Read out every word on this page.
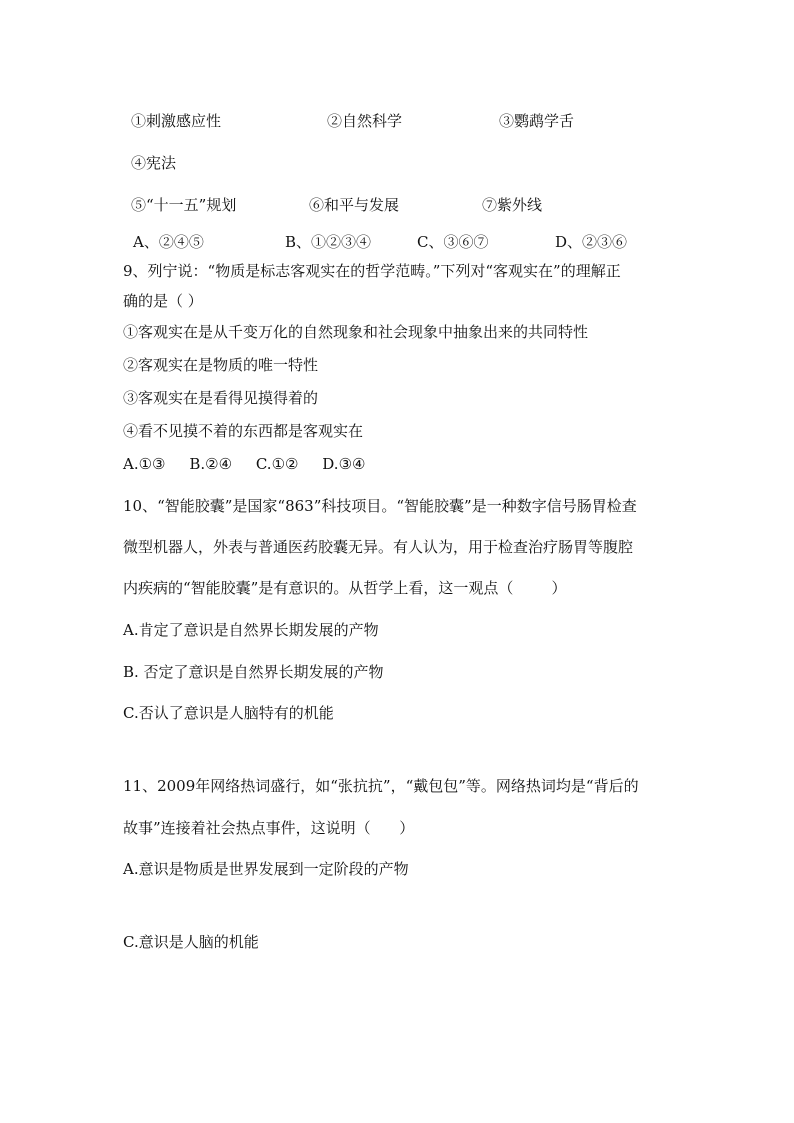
①刺激感应性	②自然科学	③鹦鹉学舌
④宪法
⑤“十一五”规划	⑥和平与发展	⑦紫外线
A、②④⑤	B、①②③④	C、③⑥⑦	D、②③⑥
9、列宁说：“物质是标志客观实在的哲学范畴。”下列对“客观实在”的理解正
确的是（ ）
①客观实在是从千变万化的自然现象和社会现象中抽象出来的共同特性
②客观实在是物质的唯一特性
③客观实在是看得见摸得着的
④看不见摸不着的东西都是客观实在
A.①③     B.②④     C.①②     D.③④
10、“智能胶囊”是国家“863”科技项目。“智能胶囊”是一种数字信号肠胃检查
微型机器人，外表与普通医药胶囊无异。有人认为，用于检查治疗肠胃等腹腔
内疾病的“智能胶囊”是有意识的。从哲学上看，这一观点（        ）
A.肯定了意识是自然界长期发展的产物
B. 否定了意识是自然界长期发展的产物
C.否认了意识是人脑特有的机能
11、2009年网络热词盛行，如“张抗抗”，“戴包包”等。网络热词均是“背后的
故事”连接着社会热点事件，这说明（      ）
A.意识是物质是世界发展到一定阶段的产物
C.意识是人脑的机能
